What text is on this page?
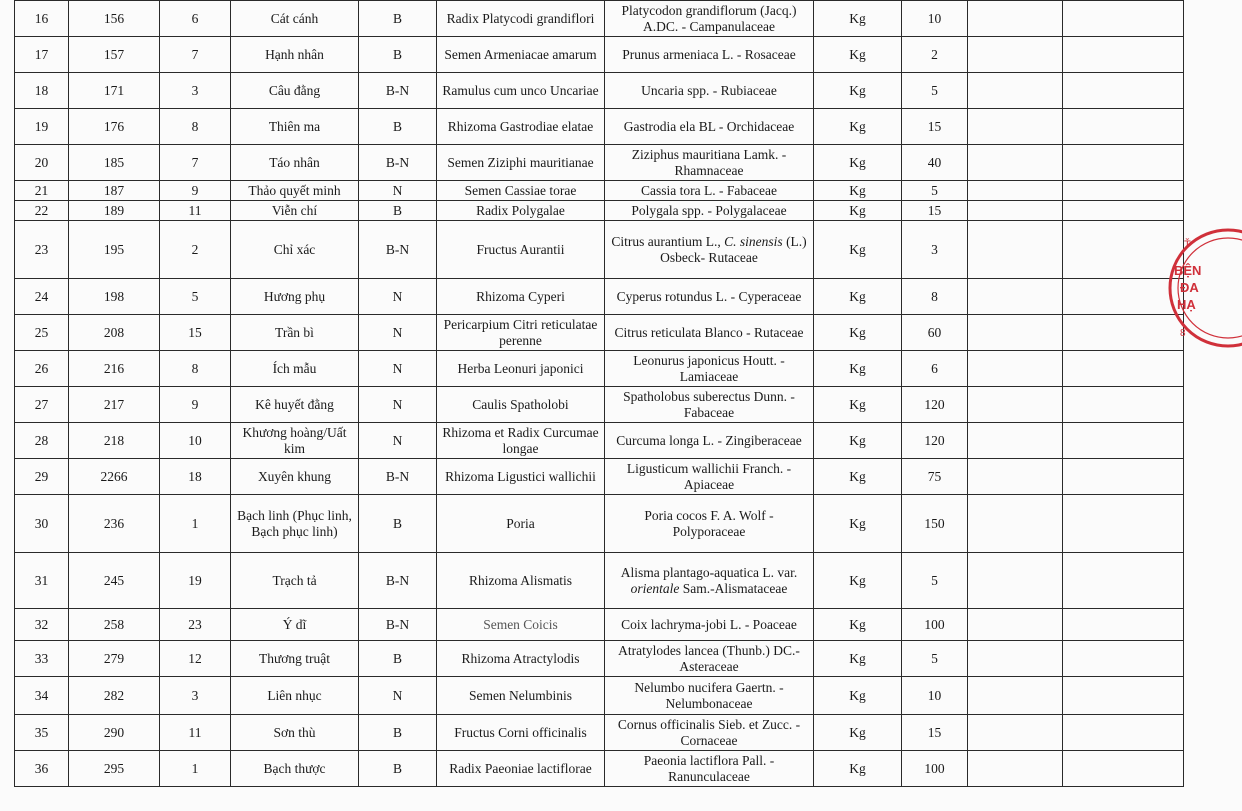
16	156	6	Cát cánh	B	Radix Platycodi grandiflori	Platycodon grandiflorum (Jacq.) A.DC. - Campanulaceae	Kg	10		
17	157	7	Hạnh nhân	B	Semen Armeniacae amarum	Prunus armeniaca L. - Rosaceae	Kg	2		
18	171	3	Câu đằng	B-N	Ramulus cum unco Uncariae	Uncaria spp. - Rubiaceae	Kg	5		
19	176	8	Thiên ma	B	Rhizoma Gastrodiae elatae	Gastrodia ela BL - Orchidaceae	Kg	15		
20	185	7	Táo nhân	B-N	Semen Ziziphi mauritianae	Ziziphus mauritiana Lamk. - Rhamnaceae	Kg	40		
21	187	9	Thảo quyết minh	N	Semen Cassiae torae	Cassia tora L. - Fabaceae	Kg	5		
22	189	11	Viễn chí	B	Radix Polygalae	Polygala spp. - Polygalaceae	Kg	15		
23	195	2	Chỉ xác	B-N	Fructus Aurantii	Citrus aurantium L., C. sinensis (L.) Osbeck- Rutaceae	Kg	3		
24	198	5	Hương phụ	N	Rhizoma Cyperi	Cyperus rotundus L. - Cyperaceae	Kg	8		
25	208	15	Trần bì	N	Pericarpium Citri reticulatae perenne	Citrus reticulata Blanco - Rutaceae	Kg	60		
26	216	8	Ích mẫu	N	Herba Leonuri japonici	Leonurus japonicus Houtt. - Lamiaceae	Kg	6		
27	217	9	Kê huyết đằng	N	Caulis Spatholobi	Spatholobus suberectus Dunn. - Fabaceae	Kg	120		
28	218	10	Khương hoàng/Uất kim	N	Rhizoma et Radix Curcumae longae	Curcuma longa L. - Zingiberaceae	Kg	120		
29	2266	18	Xuyên khung	B-N	Rhizoma Ligustici wallichii	Ligusticum wallichii Franch. - Apiaceae	Kg	75		
30	236	1	Bạch linh (Phục linh, Bạch phục linh)	B	Poria	Poria cocos F. A. Wolf - Polyporaceae	Kg	150		
31	245	19	Trạch tả	B-N	Rhizoma Alismatis	Alisma plantago-aquatica L. var. orientale Sam.-Alismataceae	Kg	5		
32	258	23	Ý dĩ	B-N	Semen Coicis	Coix lachryma-jobi L. - Poaceae	Kg	100		
33	279	12	Thương truật	B	Rhizoma Atractylodis	Atratylodes lancea (Thunb.) DC.- Asteraceae	Kg	5		
34	282	3	Liên nhục	N	Semen Nelumbinis	Nelumbo nucifera Gaertn. - Nelumbonaceae	Kg	10		
35	290	11	Sơn thù	B	Fructus Corni officinalis	Cornus officinalis Sieb. et Zucc. - Cornaceae	Kg	15		
36	295	1	Bạch thược	B	Radix Paeoniae lactiflorae	Paeonia lactiflora Pall. - Ranunculaceae	Kg	100		
Ť
8
BỆN
ĐA
HẠ
